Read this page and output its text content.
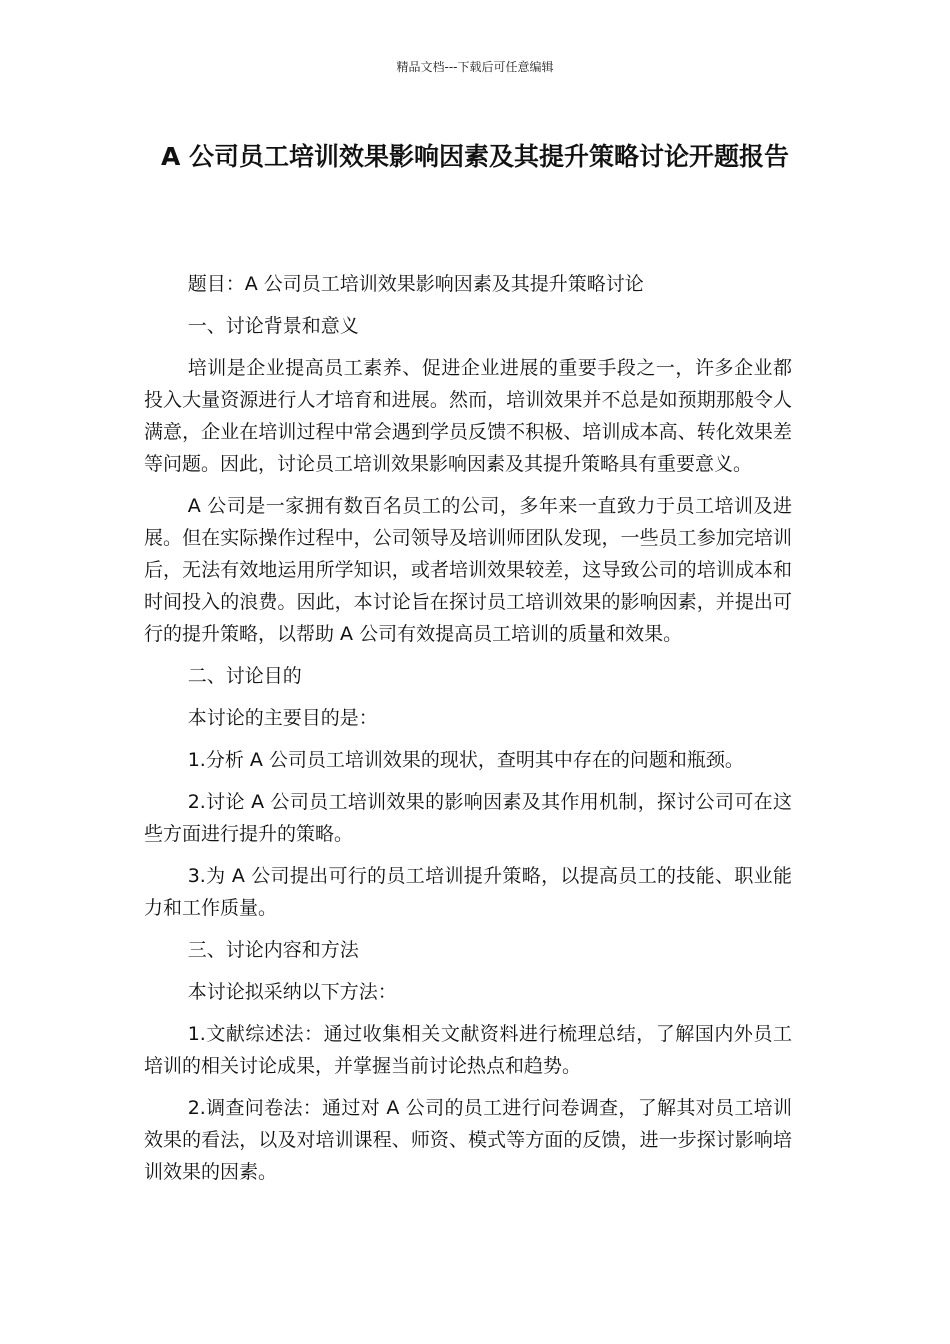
精品文档---下载后可任意编辑
A 公司员工培训效果影响因素及其提升策略讨论开题报告

题目：A 公司员工培训效果影响因素及其提升策略讨论

一、讨论背景和意义

培训是企业提高员工素养、促进企业进展的重要手段之一，许多企业都投入大量资源进行人才培育和进展。然而，培训效果并不总是如预期那般令人满意，企业在培训过程中常会遇到学员反馈不积极、培训成本高、转化效果差等问题。因此，讨论员工培训效果影响因素及其提升策略具有重要意义。

A 公司是一家拥有数百名员工的公司，多年来一直致力于员工培训及进展。但在实际操作过程中，公司领导及培训师团队发现，一些员工参加完培训后，无法有效地运用所学知识，或者培训效果较差，这导致公司的培训成本和时间投入的浪费。因此，本讨论旨在探讨员工培训效果的影响因素，并提出可行的提升策略，以帮助 A 公司有效提高员工培训的质量和效果。

二、讨论目的

本讨论的主要目的是：

1.分析 A 公司员工培训效果的现状，查明其中存在的问题和瓶颈。

2.讨论 A 公司员工培训效果的影响因素及其作用机制，探讨公司可在这些方面进行提升的策略。

3.为 A 公司提出可行的员工培训提升策略，以提高员工的技能、职业能力和工作质量。

三、讨论内容和方法

本讨论拟采纳以下方法：

1.文献综述法：通过收集相关文献资料进行梳理总结，了解国内外员工培训的相关讨论成果，并掌握当前讨论热点和趋势。

2.调查问卷法：通过对 A 公司的员工进行问卷调查，了解其对员工培训效果的看法，以及对培训课程、师资、模式等方面的反馈，进一步探讨影响培训效果的因素。
